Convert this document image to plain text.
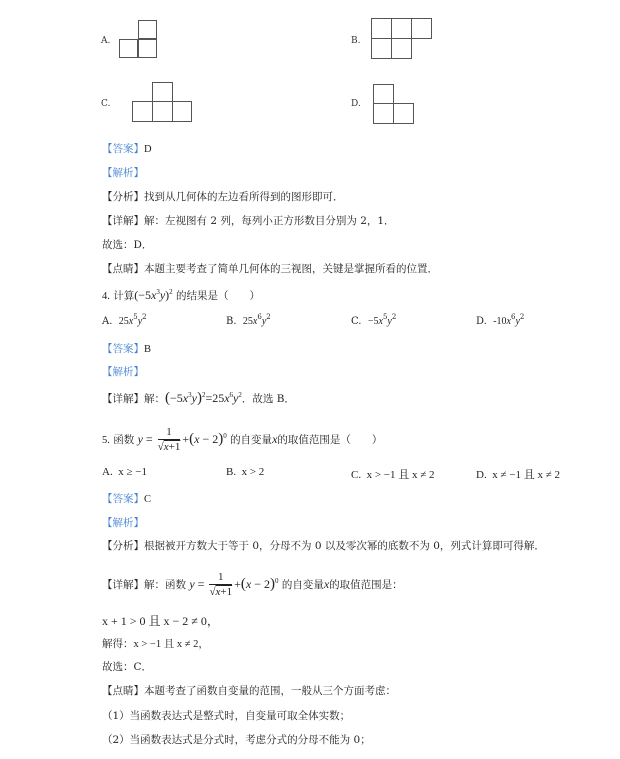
A.	B.
C.	D.
【答案】D
【解析】
【分析】找到从几何体的左边看所得到的图形即可．
【详解】解：左视图有 2 列，每列小正方形数目分别为 2，1．
故选：D．
【点睛】本题主要考查了简单几何体的三视图，关键是掌握所看的位置．
4. 计算$(-5x^3y)^2$ 的结果是（　　）
A. $25x^5y^2$	B. $25x^6y^2$	C. $-5x^5y^2$	D. $-10x^6y^2$
【答案】B
【解析】
【详解】解：$(-5x^3y)^2=25x^6y^2$．故选 B．
5. 函数 $y = \frac{1}{√x+1} +(x - 2)^0$ 的自变量x的取值范围是（　　）
A. x ≥ −1	B. x > 2	C. x > −1 且 x ≠ 2	D. x ≠ −1 且 x ≠ 2
【答案】C
【解析】
【分析】根据被开方数大于等于 0，分母不为 0 以及零次幂的底数不为 0，列式计算即可得解．
【详解】解：函数 $y = \frac{1}{√x+1} +(x - 2)^0$ 的自变量x的取值范围是：
x + 1 > 0 且 x − 2 ≠ 0，
解得：x > −1 且 x ≠ 2，
故选：C．
【点睛】本题考查了函数自变量的范围，一般从三个方面考虑：
（1）当函数表达式是整式时，自变量可取全体实数；
（2）当函数表达式是分式时，考虑分式的分母不能为 0；
